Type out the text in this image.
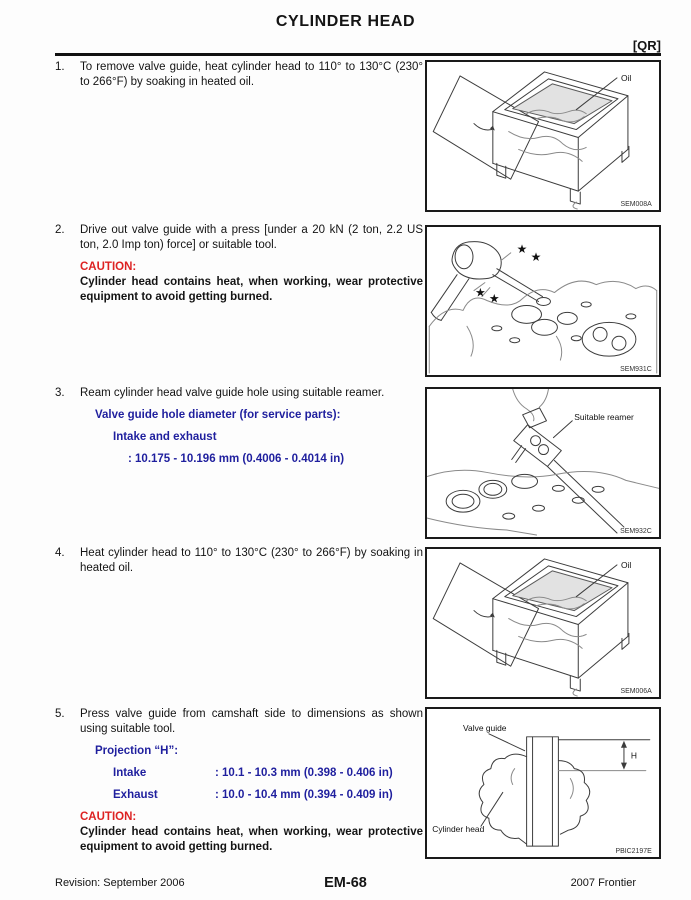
CYLINDER HEAD
[QR]
1.	To remove valve guide, heat cylinder head to 110° to 130°C (230° to 266°F) by soaking in heated oil.
2.	Drive out valve guide with a press [under a 20 kN (2 ton, 2.2 US ton, 2.0 Imp ton) force] or suitable tool.
CAUTION:
Cylinder head contains heat, when working, wear protective equipment to avoid getting burned.
3.	Ream cylinder head valve guide hole using suitable reamer.
Valve guide hole diameter (for service parts):
Intake and exhaust
: 10.175 - 10.196 mm (0.4006 - 0.4014 in)
4.	Heat cylinder head to 110° to 130°C (230° to 266°F) by soaking in heated oil.
5.	Press valve guide from camshaft side to dimensions as shown using suitable tool.
Projection “H”:
Intake	: 10.1 - 10.3 mm (0.398 - 0.406 in)
Exhaust	: 10.0 - 10.4 mm (0.394 - 0.409 in)
CAUTION:
Cylinder head contains heat, when working, wear protective equipment to avoid getting burned.
Oil
SEM008A
★
★
★ ★
SEM931C
Suitable reamer
SEM932C
Oil
SEM006A
Valve guide
H
Cylinder head
PBIC2197E
Revision: September 2006	EM-68	2007 Frontier
